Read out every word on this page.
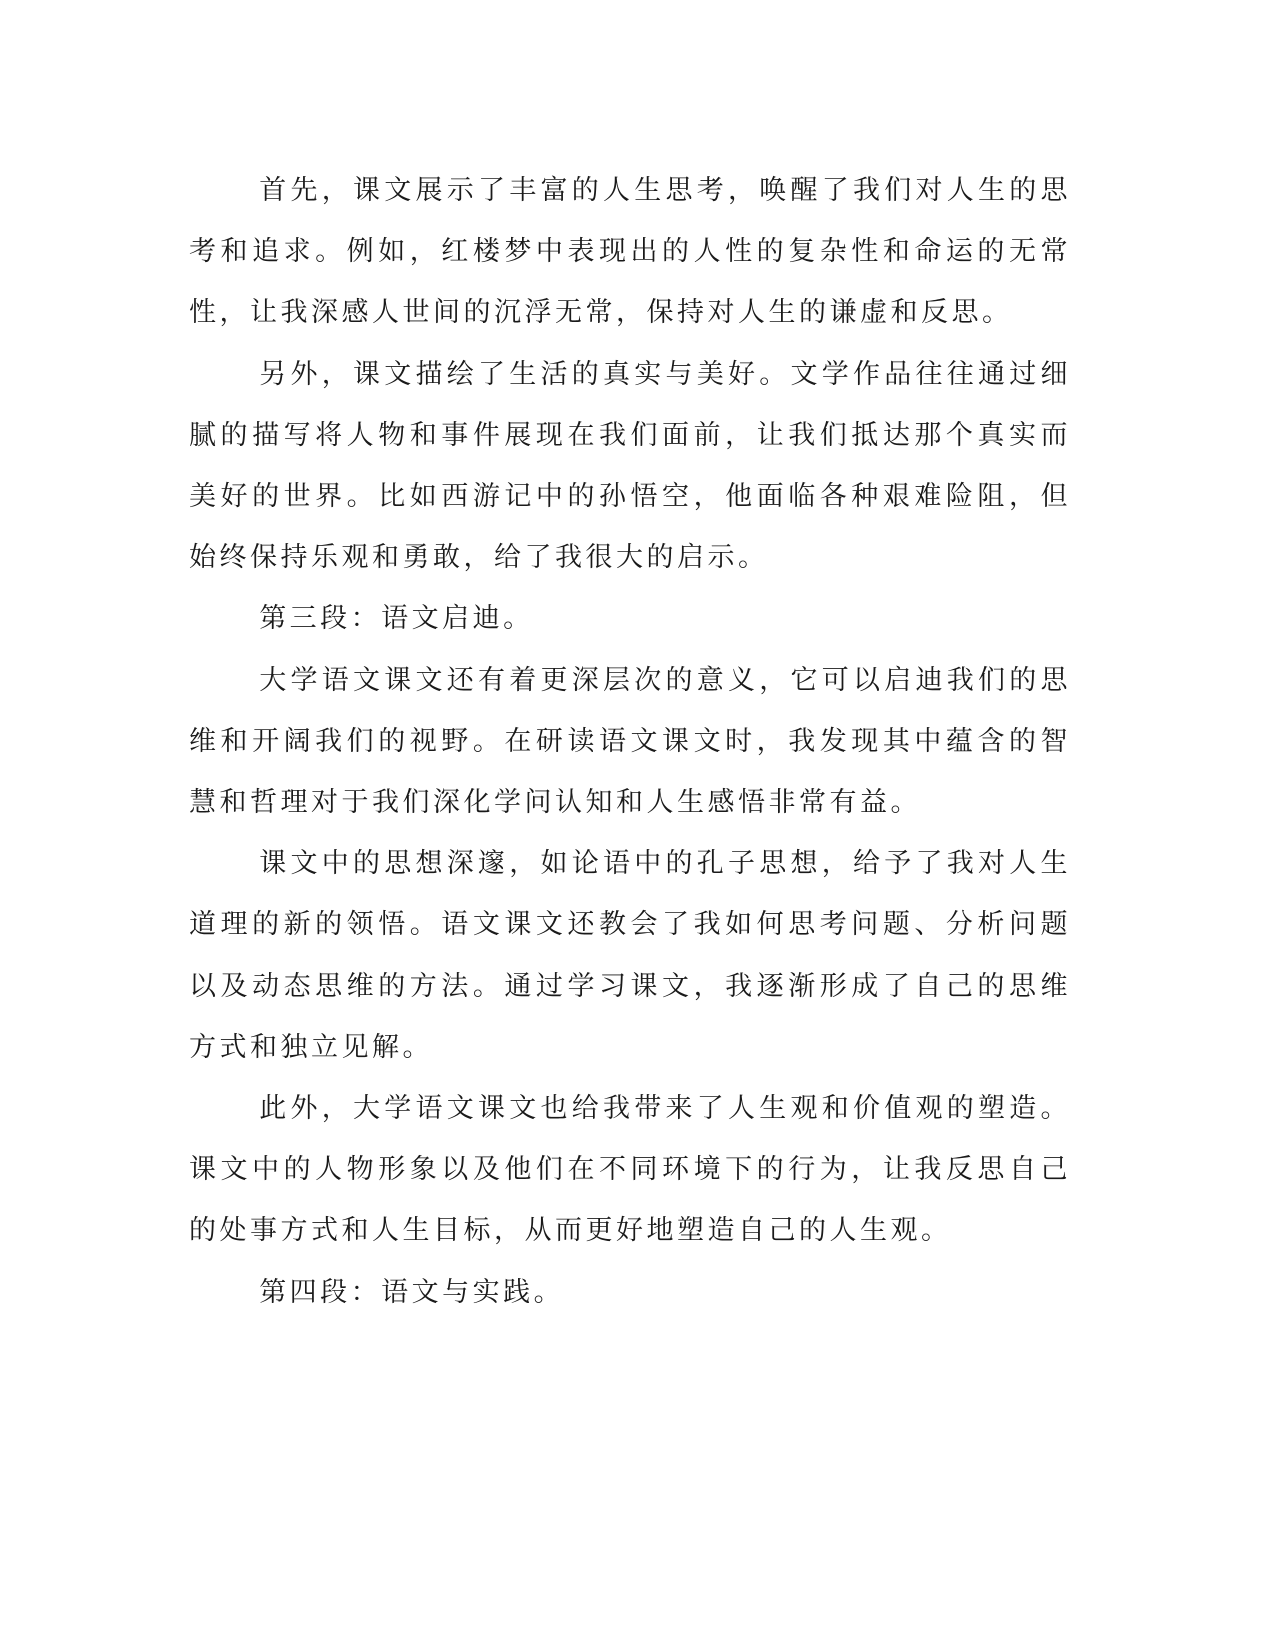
首先，课文展示了丰富的人生思考，唤醒了我们对人生的思考和追求。例如，红楼梦中表现出的人性的复杂性和命运的无常性，让我深感人世间的沉浮无常，保持对人生的谦虚和反思。

另外，课文描绘了生活的真实与美好。文学作品往往通过细腻的描写将人物和事件展现在我们面前，让我们抵达那个真实而美好的世界。比如西游记中的孙悟空，他面临各种艰难险阻，但始终保持乐观和勇敢，给了我很大的启示。

第三段：语文启迪。

大学语文课文还有着更深层次的意义，它可以启迪我们的思维和开阔我们的视野。在研读语文课文时，我发现其中蕴含的智慧和哲理对于我们深化学问认知和人生感悟非常有益。

课文中的思想深邃，如论语中的孔子思想，给予了我对人生道理的新的领悟。语文课文还教会了我如何思考问题、分析问题以及动态思维的方法。通过学习课文，我逐渐形成了自己的思维方式和独立见解。

此外，大学语文课文也给我带来了人生观和价值观的塑造。课文中的人物形象以及他们在不同环境下的行为，让我反思自己的处事方式和人生目标，从而更好地塑造自己的人生观。

第四段：语文与实践。
